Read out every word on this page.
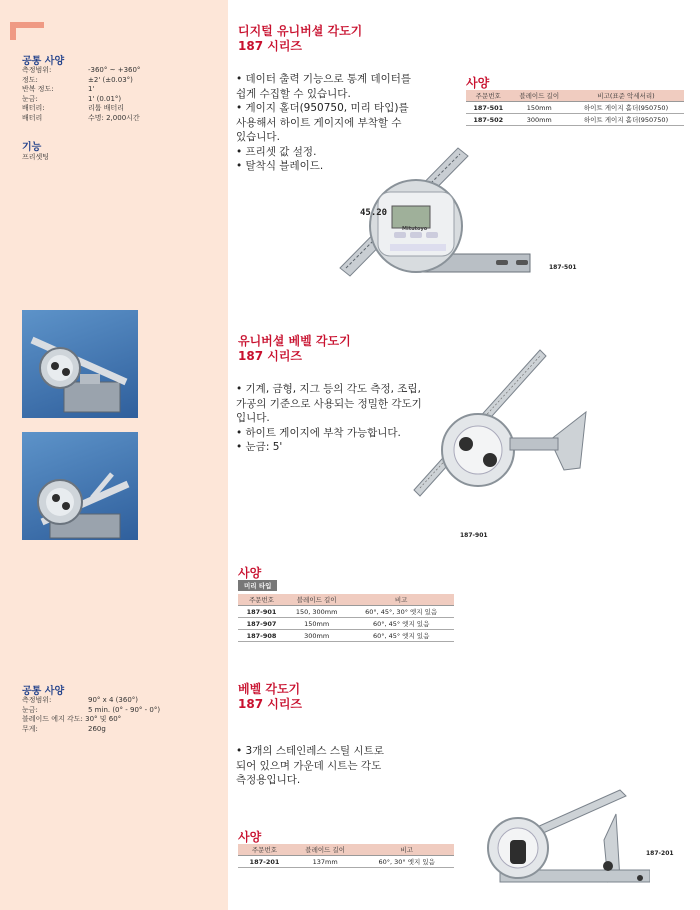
공통 사양
측정범위:	-360° ~ +360°
정도:	±2' (±0.03°)
반복 정도:	1'
눈금:	1' (0.01°)
배터리:	리튬 배터리
배터리	수명: 2,000시간
기능
프리셋팅
공통 사양
측정범위:	90° x 4 (360°)
눈금:	5 min. (0° - 90° - 0°)
블레이드 에지 각도: 30° 및 60°
무게:	260g
디지털 유니버셜 각도기
187 시리즈
• 데이터 출력 기능으로 통계 데이터를
쉽게 수집할 수 있습니다.
• 게이지 홀더(950750, 미리 타입)를
사용해서 하이트 게이지에 부착할 수
있습니다.
• 프리셋 값 설정.
• 탈착식 블레이드.
사양
주문번호	블레이드 길이	비고(표준 악세서리)
187-501	150mm	하이트 게이지 홀더(950750)
187-502	300mm	하이트 게이지 홀더(950750)
45.20
Mitutoyo
187-501
유니버셜 베벨 각도기
187 시리즈
• 기계, 금형, 지그 등의 각도 측정, 조립,
가공의 기준으로 사용되는 정밀한 각도기
입니다.
• 하이트 게이지에 부착 가능합니다.
• 눈금: 5'
187-901
사양
미리 타입
주문번호	블레이드 길이	비고
187-901	150, 300mm	60°, 45°, 30° 엣지 있음
187-907	150mm	60°, 45° 엣지 있음
187-908	300mm	60°, 45° 엣지 있음
베벨 각도기
187 시리즈
• 3개의 스테인레스 스틸 시트로
되어 있으며 가운데 시트는 각도
측정용입니다.
사양
주문번호	블레이드 길이	비고
187-201	137mm	60°, 30° 엣지 있음
187-201
